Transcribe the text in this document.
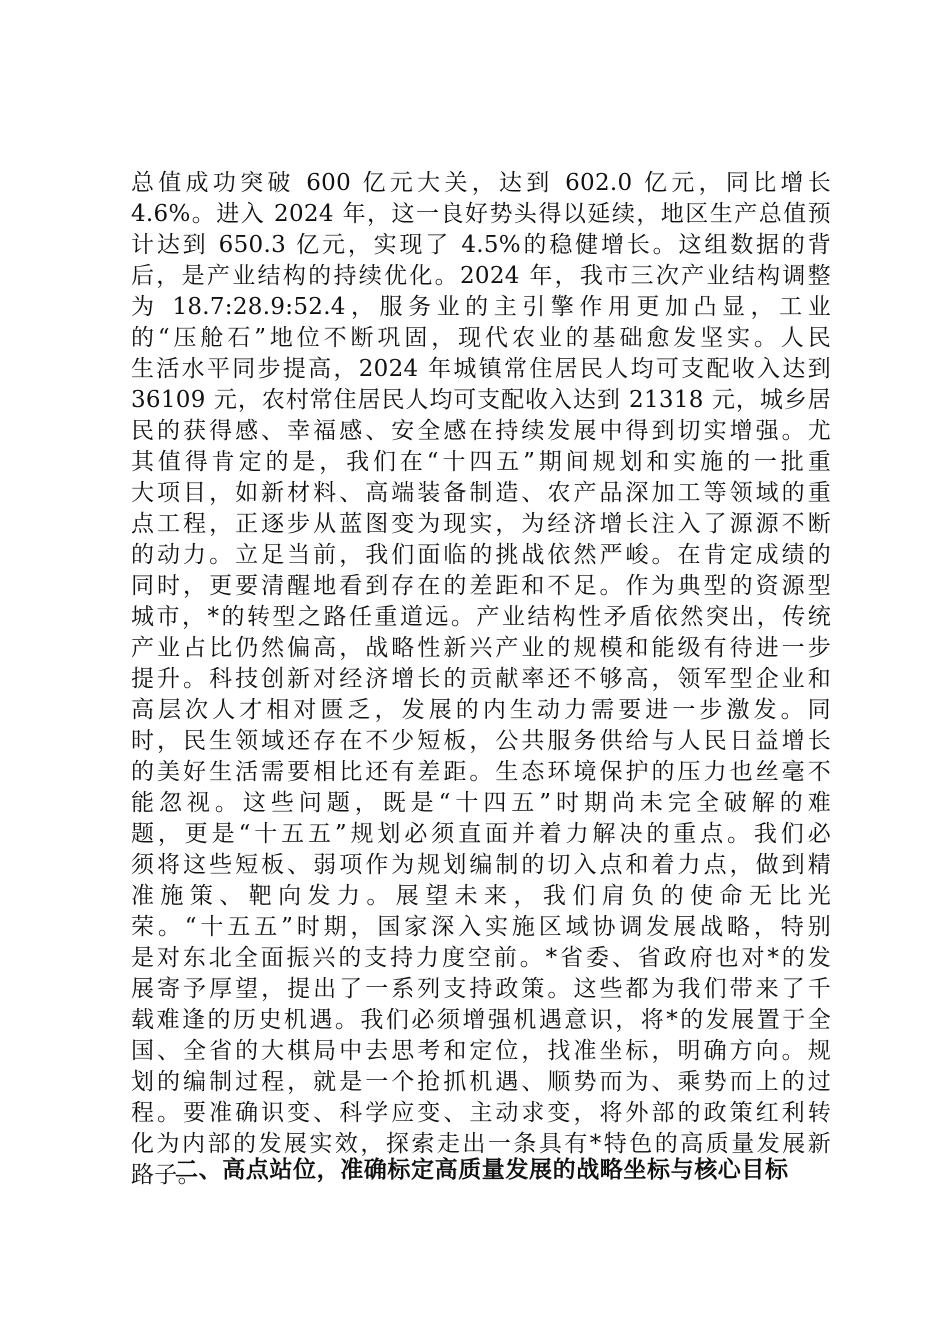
总值成功突破 600 亿元大关，达到 602.0 亿元，同比增长
4.6%。进入 2024 年，这一良好势头得以延续，地区生产总值预
计达到 650.3 亿元，实现了 4.5%的稳健增长。这组数据的背
后，是产业结构的持续优化。2024 年，我市三次产业结构调整
为 18.7:28.9:52.4，服务业的主引擎作用更加凸显，工业
的“压舱石”地位不断巩固，现代农业的基础愈发坚实。人民
生活水平同步提高，2024 年城镇常住居民人均可支配收入达到
36109 元，农村常住居民人均可支配收入达到 21318 元，城乡居
民的获得感、幸福感、安全感在持续发展中得到切实增强。尤
其值得肯定的是，我们在“十四五”期间规划和实施的一批重
大项目，如新材料、高端装备制造、农产品深加工等领域的重
点工程，正逐步从蓝图变为现实，为经济增长注入了源源不断
的动力。立足当前，我们面临的挑战依然严峻。在肯定成绩的
同时，更要清醒地看到存在的差距和不足。作为典型的资源型
城市，*的转型之路任重道远。产业结构性矛盾依然突出，传统
产业占比仍然偏高，战略性新兴产业的规模和能级有待进一步
提升。科技创新对经济增长的贡献率还不够高，领军型企业和
高层次人才相对匮乏，发展的内生动力需要进一步激发。同
时，民生领域还存在不少短板，公共服务供给与人民日益增长
的美好生活需要相比还有差距。生态环境保护的压力也丝毫不
能忽视。这些问题，既是“十四五”时期尚未完全破解的难
题，更是“十五五”规划必须直面并着力解决的重点。我们必
须将这些短板、弱项作为规划编制的切入点和着力点，做到精
准施策、靶向发力。展望未来，我们肩负的使命无比光
荣。“十五五”时期，国家深入实施区域协调发展战略，特别
是对东北全面振兴的支持力度空前。*省委、省政府也对*的发
展寄予厚望，提出了一系列支持政策。这些都为我们带来了千
载难逢的历史机遇。我们必须增强机遇意识，将*的发展置于全
国、全省的大棋局中去思考和定位，找准坐标，明确方向。规
划的编制过程，就是一个抢抓机遇、顺势而为、乘势而上的过
程。要准确识变、科学应变、主动求变，将外部的政策红利转
化为内部的发展实效，探索走出一条具有*特色的高质量发展新
路子。
二、高点站位，准确标定高质量发展的战略坐标与核心目标
